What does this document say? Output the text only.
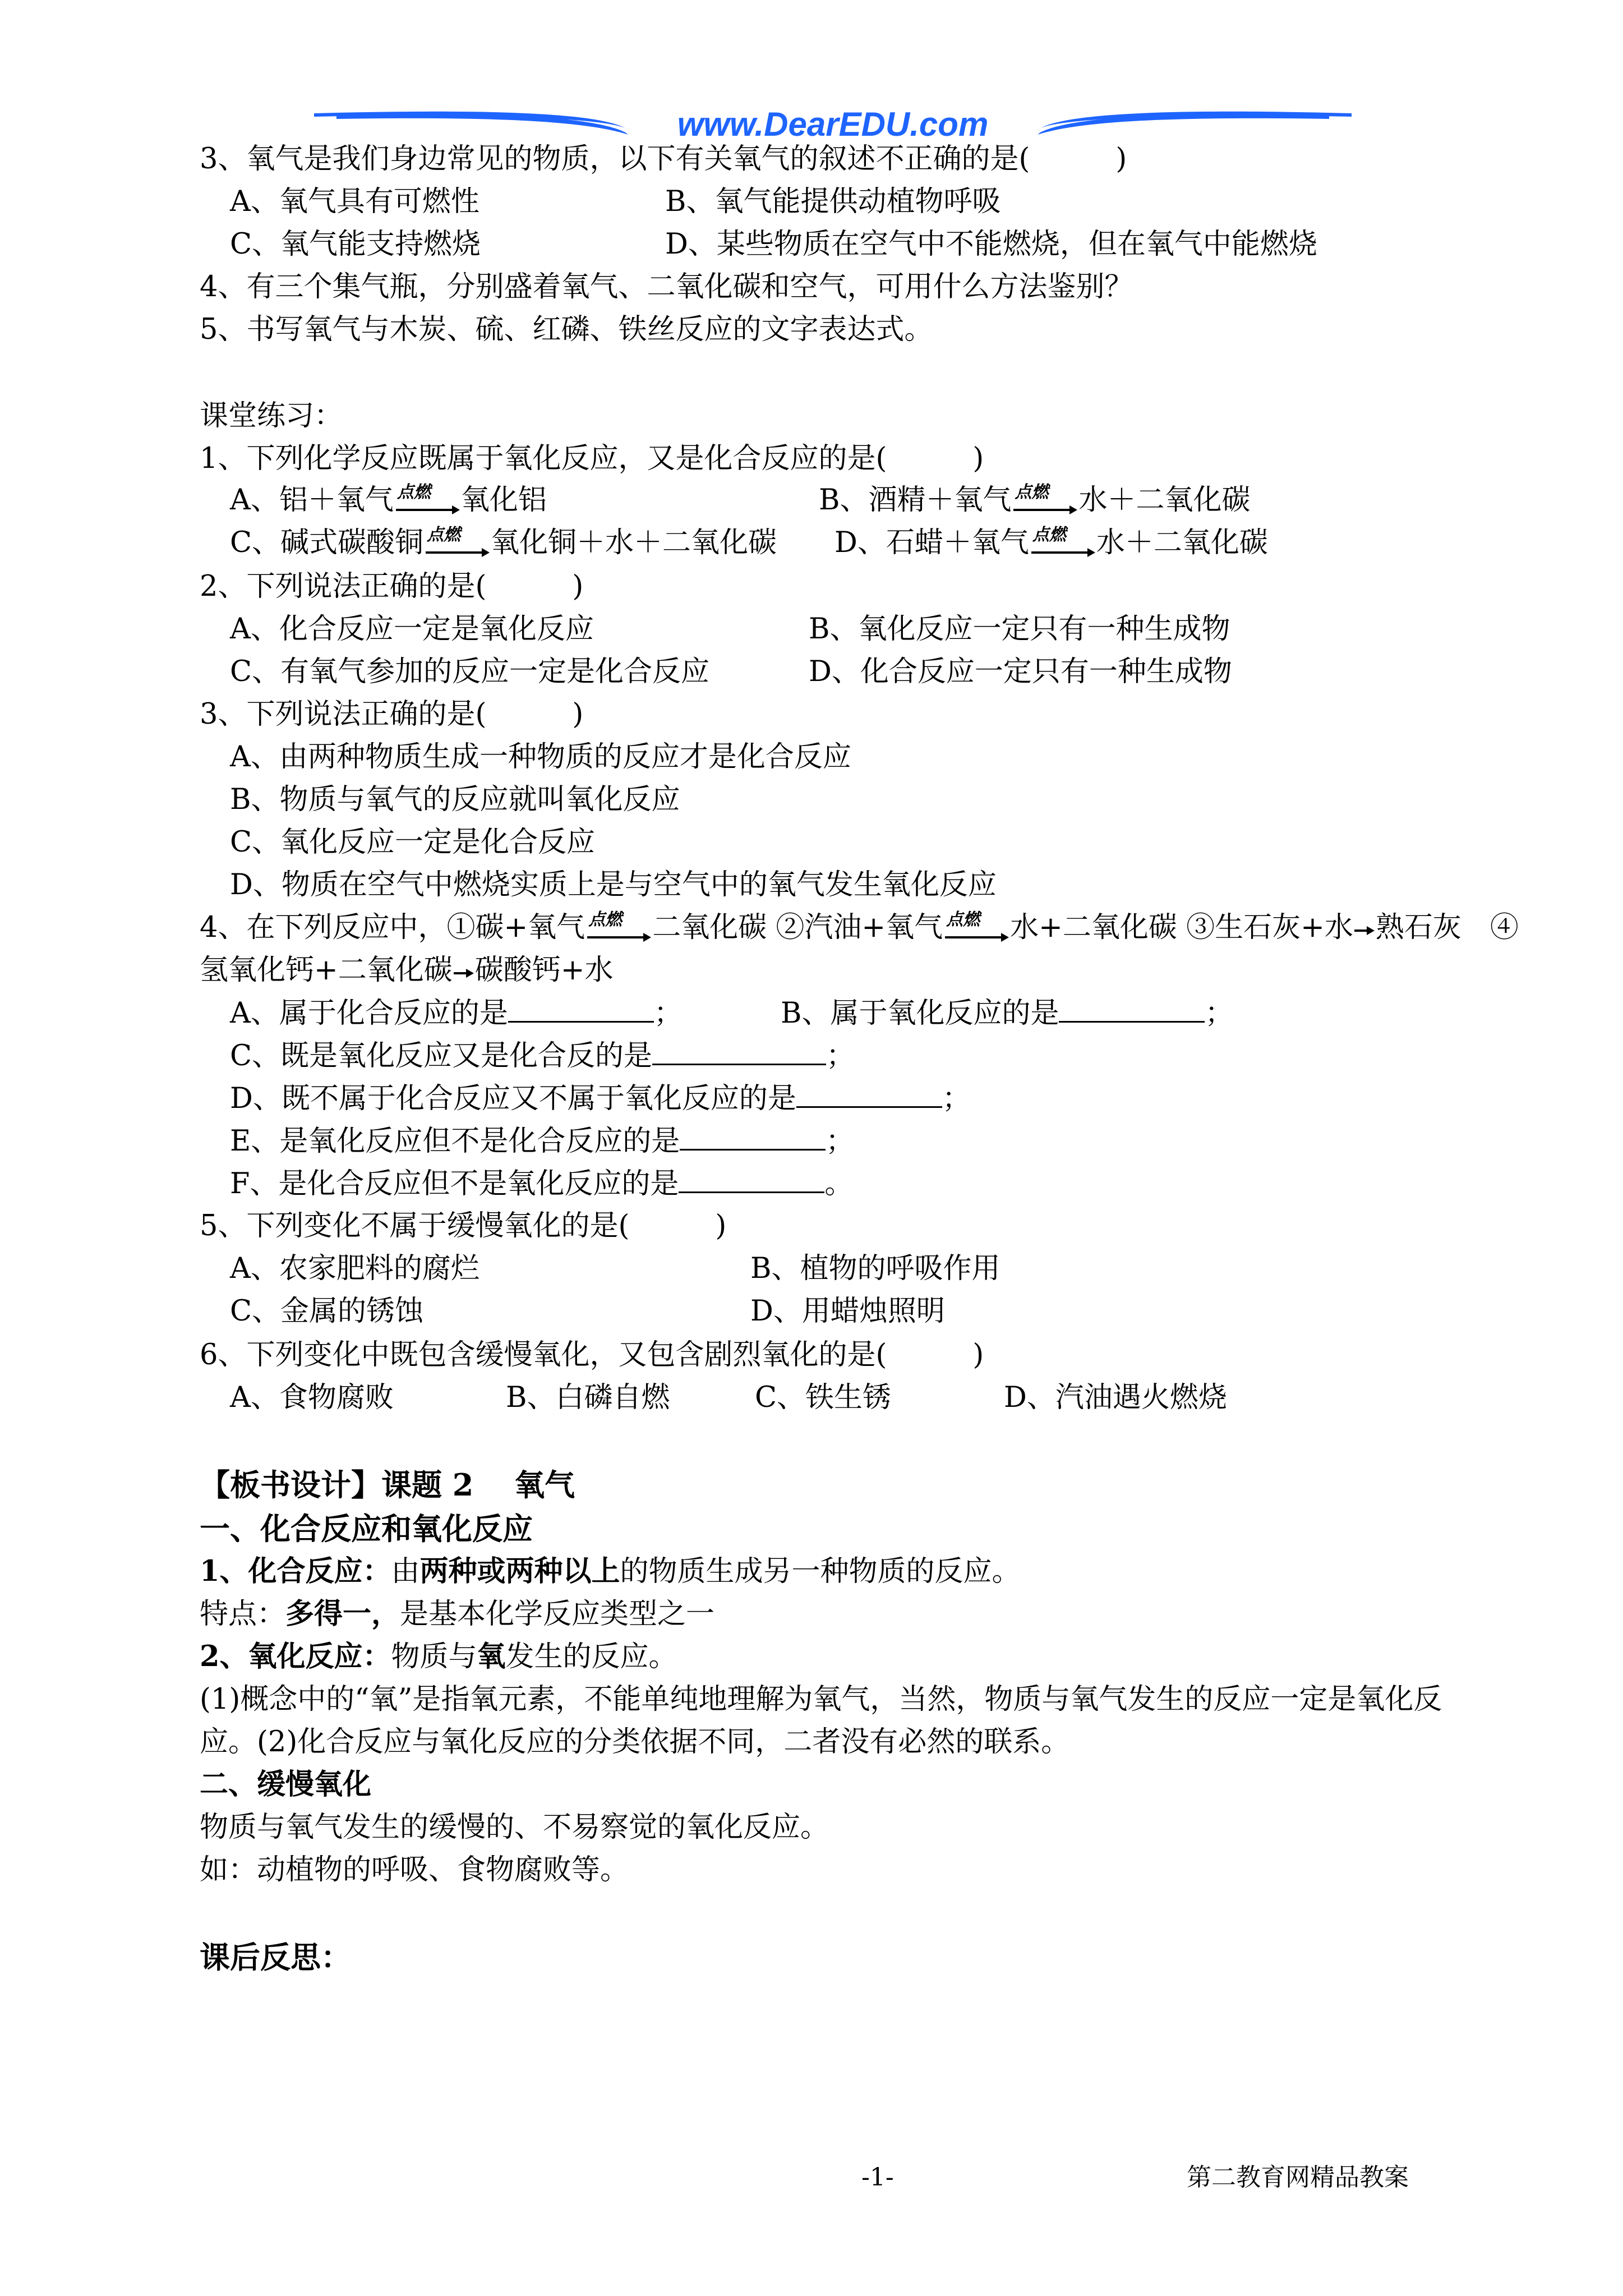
www.DearEDU.com
3、氧气是我们身边常见的物质，以下有关氧气的叙述不正确的是(　　　)
A、氧气具有可燃性	B、氧气能提供动植物呼吸
C、氧气能支持燃烧	D、某些物质在空气中不能燃烧，但在氧气中能燃烧
4、有三个集气瓶，分别盛着氧气、二氧化碳和空气，可用什么方法鉴别？
5、书写氧气与木炭、硫、红磷、铁丝反应的文字表达式。
课堂练习：
1、下列化学反应既属于氧化反应，又是化合反应的是(　　　)
A、铝＋氧气 点燃 氧化铝	B、酒精＋氧气 点燃 水＋二氧化碳
C、碱式碳酸铜 点燃 氧化铜＋水＋二氧化碳 D、石蜡＋氧气 点燃 水＋二氧化碳
2、下列说法正确的是(　　　)
A、化合反应一定是氧化反应	B、氧化反应一定只有一种生成物
C、有氧气参加的反应一定是化合反应	D、化合反应一定只有一种生成物
3、下列说法正确的是(　　　)
A、由两种物质生成一种物质的反应才是化合反应
B、物质与氧气的反应就叫氧化反应
C、氧化反应一定是化合反应
D、物质在空气中燃烧实质上是与空气中的氧气发生氧化反应
4、在下列反应中，①碳+氧气 点燃 二氧化碳 ②汽油+氧气 点燃 水+二氧化碳 ③生石灰+水 熟石灰　④
氢氧化钙+二氧化碳 碳酸钙+水
A、属于化合反应的是	；	B、属于氧化反应的是	；
C、既是氧化反应又是化合反的是	；
D、既不属于化合反应又不属于氧化反应的是	；
E、是氧化反应但不是化合反应的是	；
F、是化合反应但不是氧化反应的是	。
5、下列变化不属于缓慢氧化的是(　　　)
A、农家肥料的腐烂	B、植物的呼吸作用
C、金属的锈蚀	D、用蜡烛照明
6、下列变化中既包含缓慢氧化，又包含剧烈氧化的是(　　　)
A、食物腐败	B、白磷自燃	C、铁生锈	D、汽油遇火燃烧
【板书设计】课题 2　 氧气
一、化合反应和氧化反应
1、化合反应：由两种或两种以上的物质生成另一种物质的反应。
特点：多得一，是基本化学反应类型之一
2、氧化反应：物质与氧发生的反应。
(1)概念中的“氧”是指氧元素，不能单纯地理解为氧气，当然，物质与氧气发生的反应一定是氧化反
应。(2)化合反应与氧化反应的分类依据不同，二者没有必然的联系。
二、缓慢氧化
物质与氧气发生的缓慢的、不易察觉的氧化反应。
如：动植物的呼吸、食物腐败等。
课后反思：
-1-	第二教育网精品教案
